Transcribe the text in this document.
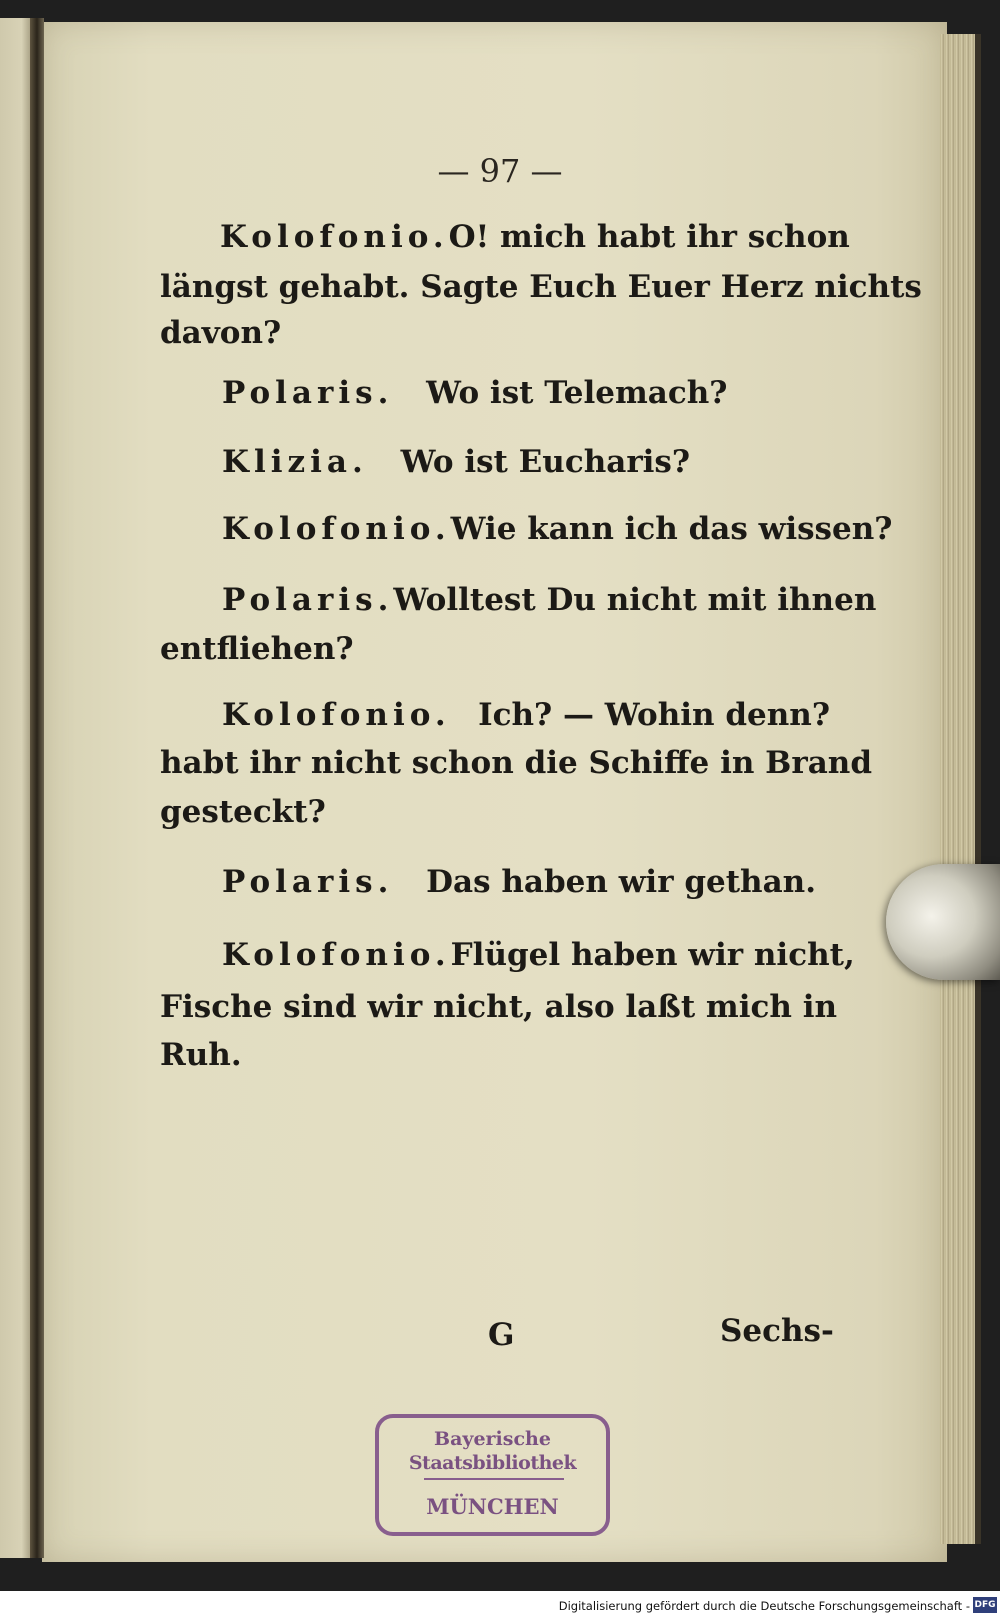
— 97 —
Kolofonio. O! mich habt ihr schon
längst gehabt. Sagte Euch Euer Herz nichts
davon?
Polaris. Wo ist Telemach?
Klizia. Wo ist Eucharis?
Kolofonio. Wie kann ich das wissen?
Polaris. Wolltest Du nicht mit ihnen
entfliehen?
Kolofonio. Ich? — Wohin denn?
habt ihr nicht schon die Schiffe in Brand
gesteckt?
Polaris. Das haben wir gethan.
Kolofonio. Flügel haben wir nicht,
Fische sind wir nicht, also laßt mich in
Ruh.
G	Sechs-
Bayerische
Staatsbibliothek
MÜNCHEN
Digitalisierung gefördert durch die Deutsche Forschungsgemeinschaft - DFG
